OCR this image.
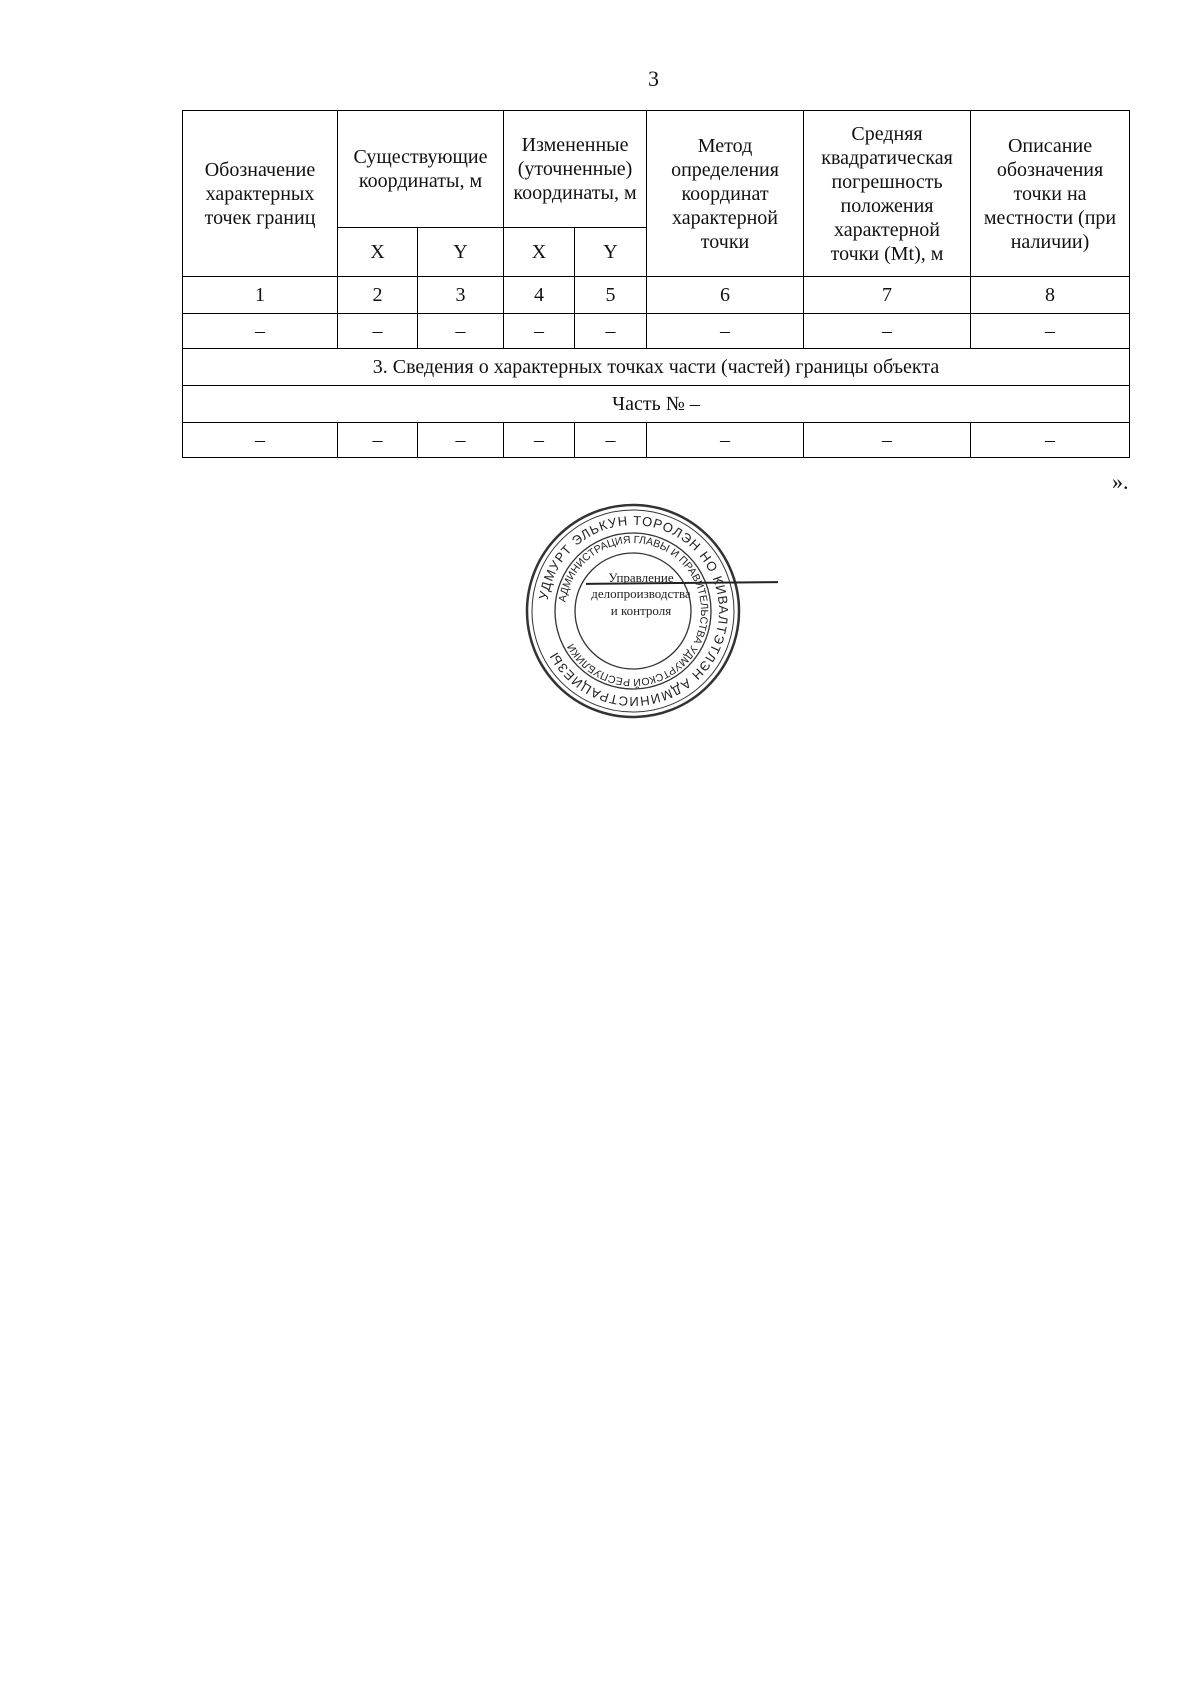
3
Обозначение характерных точек границ	Существующие координаты, м		Измененные (уточненные) координаты, м		Метод определения координат характерной точки	Средняя квадратическая погрешность положения характерной точки (Mt), м	Описание обозначения точки на местности (при наличии)
	X	Y	X	Y			
1	2	3	4	5	6	7	8
–	–	–	–	–	–	–	–
3. Сведения о характерных точках части (частей) границы объекта							
Часть № –							
–	–	–	–	–	–	–	–
».
УДМУРТ ЭЛЬКУН ТОРОЛЭН НО КИВАЛТЭТЛЭН АДМИНИСТРАЦИЕЗЫ
АДМИНИСТРАЦИЯ ГЛАВЫ И ПРАВИТЕЛЬСТВА УДМУРТСКОЙ РЕСПУБЛИКИ
Управление
делопроизводства
и контроля
